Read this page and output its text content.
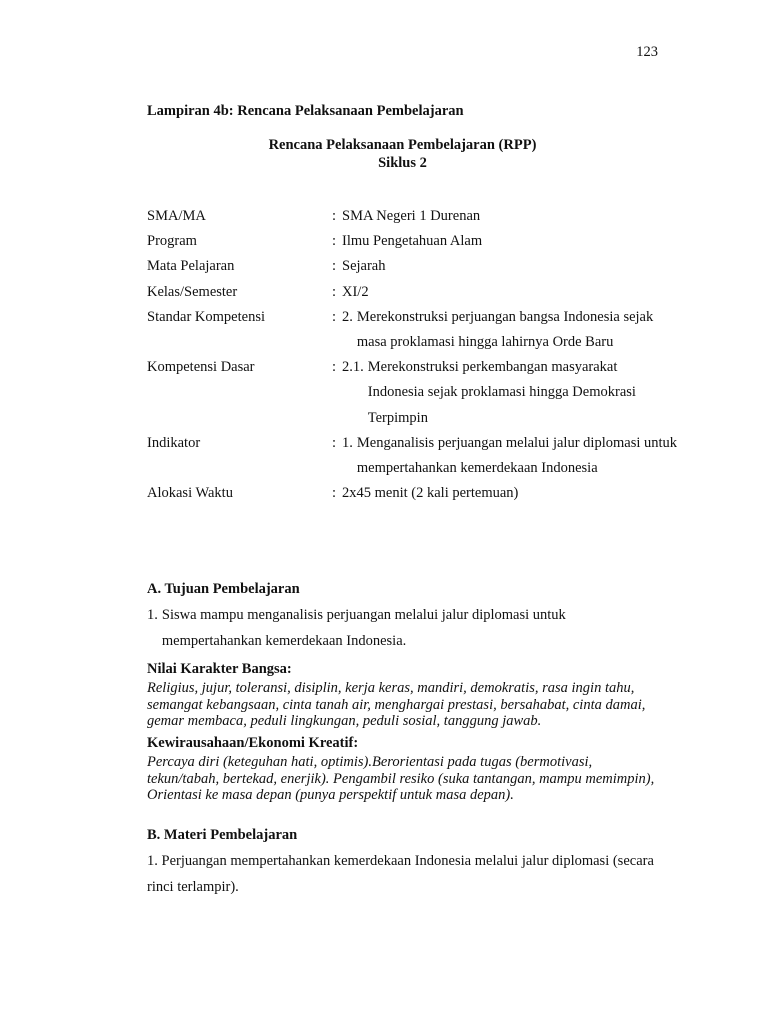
123
Lampiran 4b: Rencana Pelaksanaan Pembelajaran
Rencana Pelaksanaan Pembelajaran (RPP)
Siklus 2
SMA/MA	: SMA Negeri 1 Durenan
Program	: Ilmu Pengetahuan Alam
Mata Pelajaran	: Sejarah
Kelas/Semester	: XI/2
Standar Kompetensi	: 2. Merekonstruksi perjuangan bangsa Indonesia sejak masa proklamasi hingga lahirnya Orde Baru
Kompetensi Dasar	: 2.1. Merekonstruksi perkembangan masyarakat Indonesia sejak proklamasi hingga Demokrasi Terpimpin
Indikator	: 1. Menganalisis perjuangan melalui jalur diplomasi untuk mempertahankan kemerdekaan Indonesia
Alokasi Waktu	: 2x45 menit (2 kali pertemuan)
A. Tujuan Pembelajaran
1. Siswa mampu menganalisis perjuangan melalui jalur diplomasi untuk mempertahankan kemerdekaan Indonesia.
Nilai Karakter Bangsa:
Religius, jujur, toleransi, disiplin, kerja keras, mandiri, demokratis, rasa ingin tahu, semangat kebangsaan, cinta tanah air, menghargai prestasi, bersahabat, cinta damai, gemar membaca, peduli lingkungan, peduli sosial, tanggung jawab.
Kewirausahaan/Ekonomi Kreatif:
Percaya diri (keteguhan hati, optimis).Berorientasi pada tugas (bermotivasi, tekun/tabah, bertekad, enerjik). Pengambil resiko (suka tantangan, mampu memimpin), Orientasi ke masa depan (punya perspektif untuk masa depan).
B. Materi Pembelajaran
1. Perjuangan mempertahankan kemerdekaan Indonesia melalui jalur diplomasi (secara rinci terlampir).
